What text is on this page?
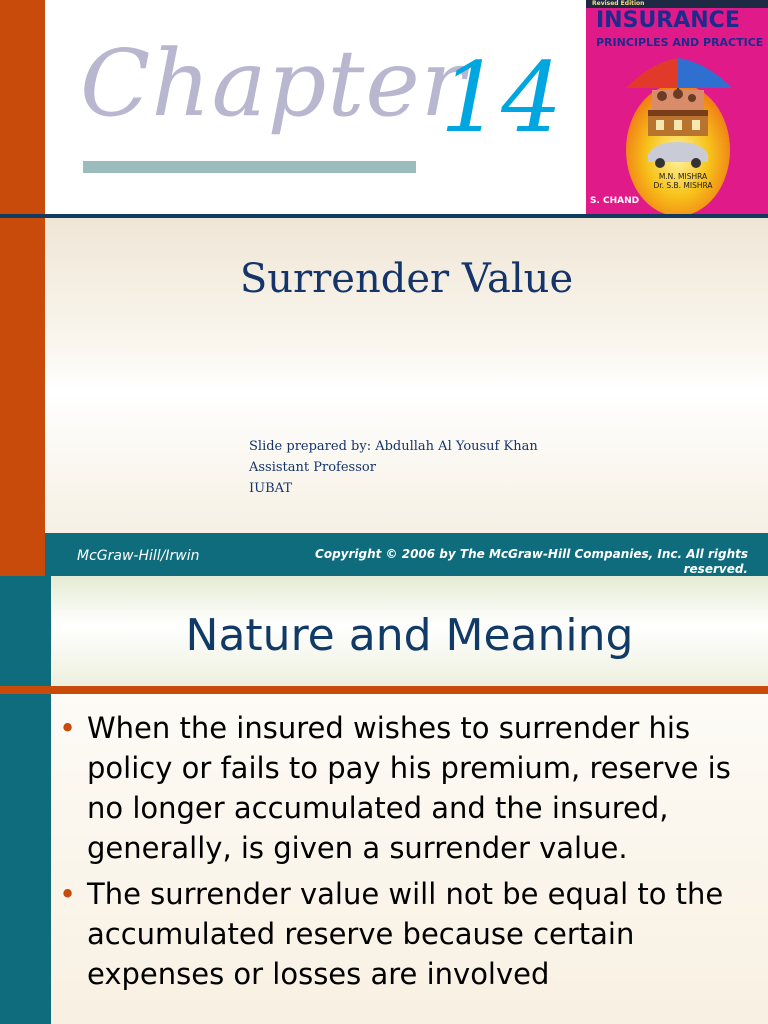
Chapter
14
Revised Edition
INSURANCE
PRINCIPLES AND PRACTICE
M.N. MISHRA
Dr. S.B. MISHRA
S. CHAND
Surrender Value
Slide prepared by: Abdullah Al Yousuf Khan
Assistant Professor
IUBAT
McGraw-Hill/Irwin	Copyright © 2006 by The McGraw-Hill Companies, Inc. All rights reserved.
Nature and Meaning
• When the insured wishes to surrender his policy or fails to pay his premium, reserve is no longer accumulated and the insured, generally, is given a surrender value.
• The surrender value will not be equal to the accumulated reserve because certain expenses or losses are involved
